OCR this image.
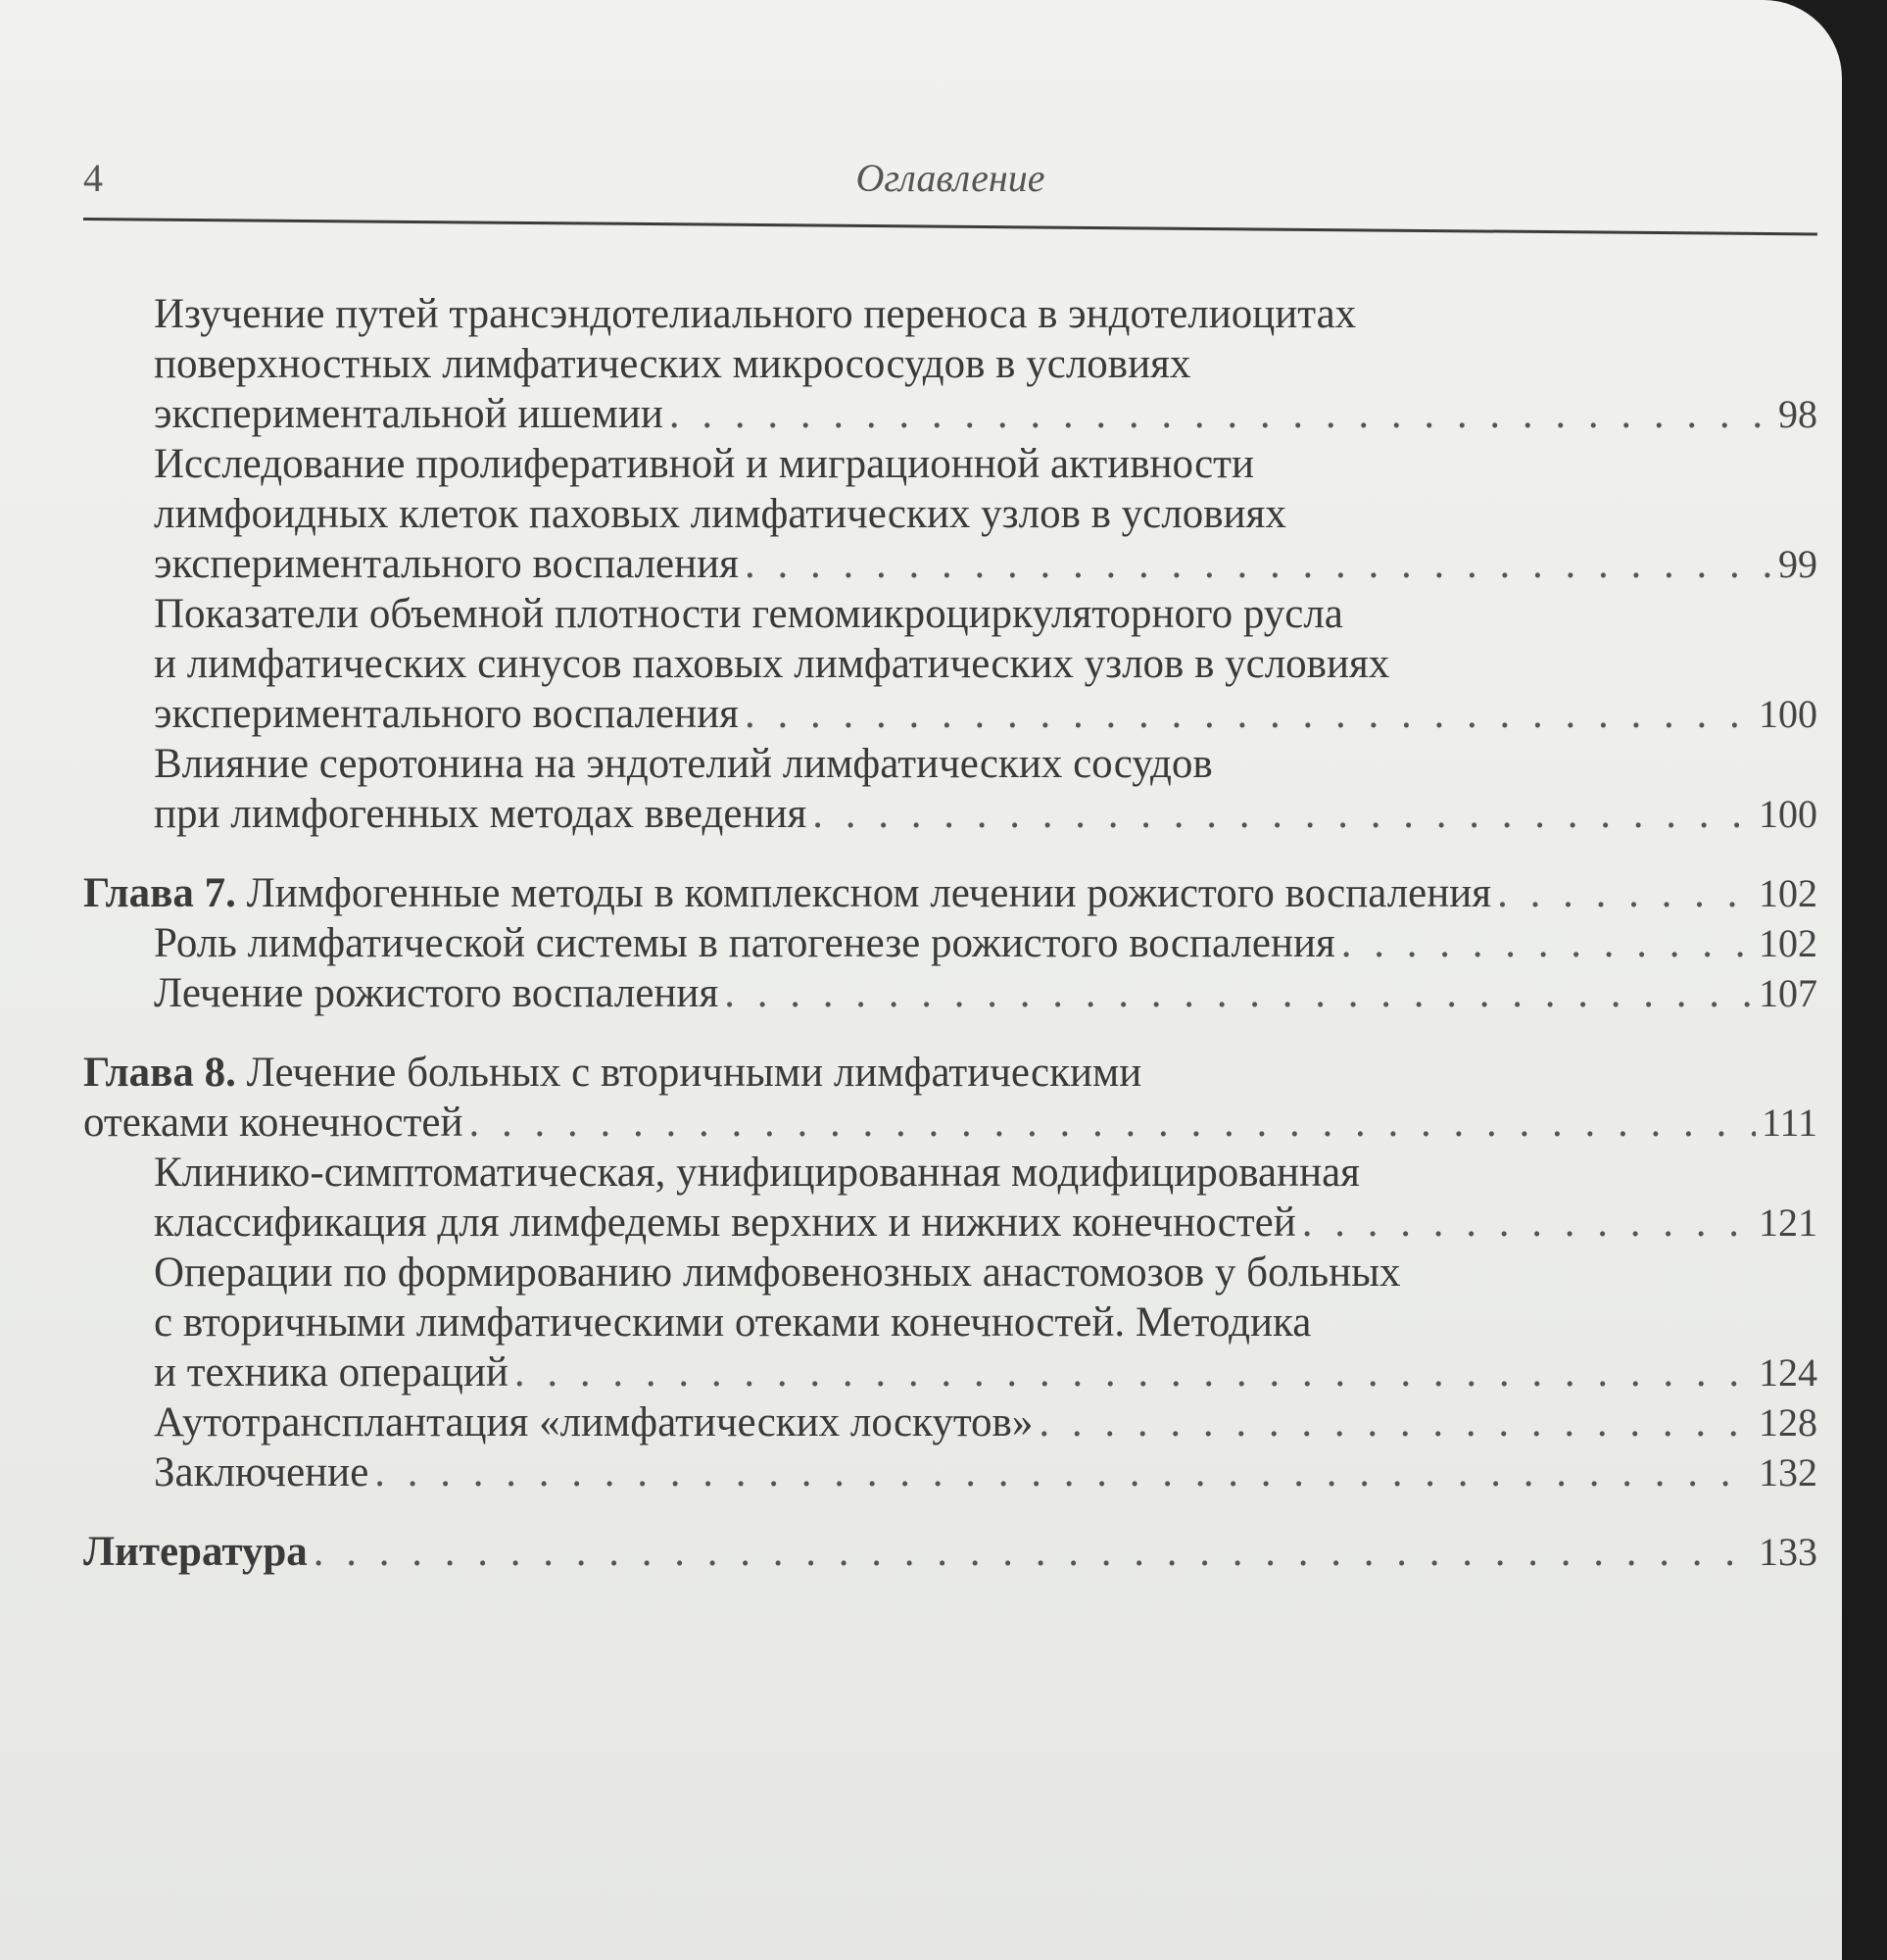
4	Оглавление
Изучение путей трансэндотелиального переноса в эндотелиоцитах
поверхностных лимфатических микрососудов в условиях
экспериментальной ишемии . . .	98
Исследование пролиферативной и миграционной активности
лимфоидных клеток паховых лимфатических узлов в условиях
экспериментального воспаления . . .	99
Показатели объемной плотности гемомикроциркуляторного русла
и лимфатических синусов паховых лимфатических узлов в условиях
экспериментального воспаления . . .	100
Влияние серотонина на эндотелий лимфатических сосудов
при лимфогенных методах введения . . .	100
Глава 7. Лимфогенные методы в комплексном лечении рожистого воспаления . . .	102
Роль лимфатической системы в патогенезе рожистого воспаления . . .	102
Лечение рожистого воспаления . . .	107
Глава 8. Лечение больных с вторичными лимфатическими
отеками конечностей . . .	111
Клинико-симптоматическая, унифицированная модифицированная
классификация для лимфедемы верхних и нижних конечностей . . .	121
Операции по формированию лимфовенозных анастомозов у больных
с вторичными лимфатическими отеками конечностей. Методика
и техника операций . . .	124
Аутотрансплантация «лимфатических лоскутов» . . .	128
Заключение . . .	132
Литература . . .	133
